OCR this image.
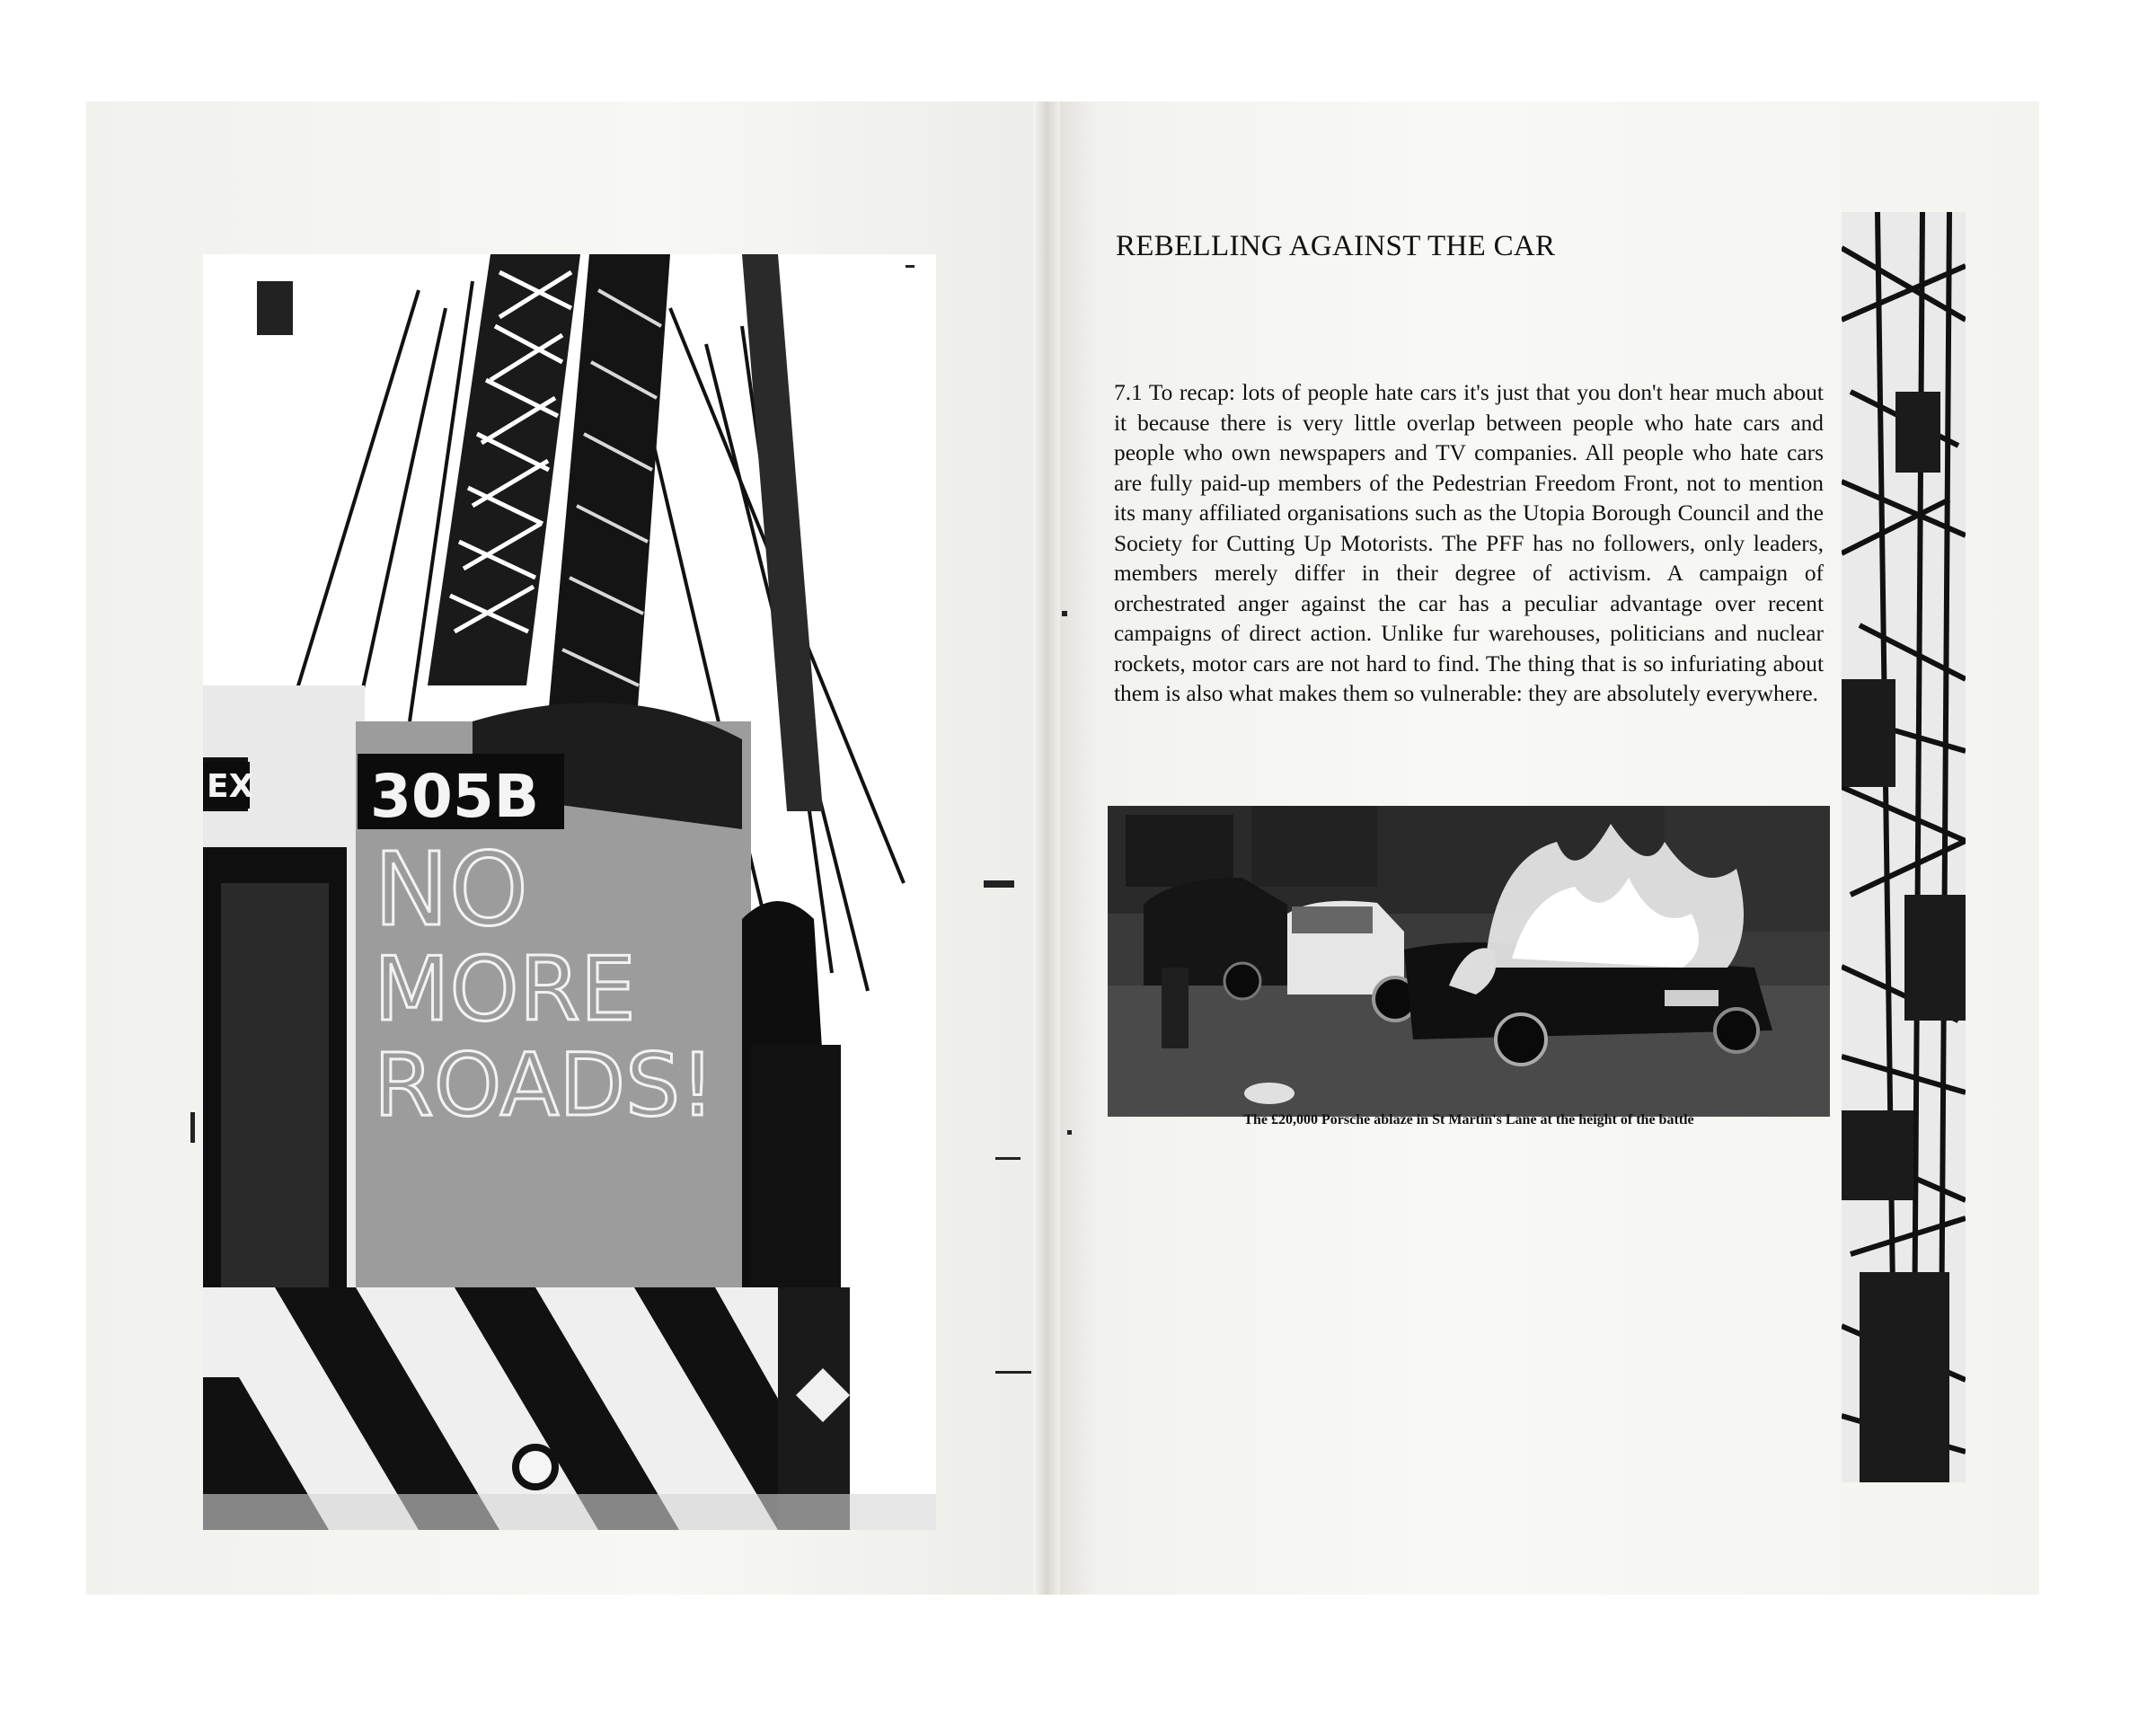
305B
EX
NO
MORE
ROADS!
REBELLING AGAINST THE CAR
7.1 To recap: lots of people hate cars it's just that you don't hear much about it because there is very little overlap between people who hate cars and people who own newspapers and TV companies. All people who hate cars are fully paid-up members of the Pedestrian Freedom Front, not to mention its many affiliated organisations such as the Utopia Borough Council and the Society for Cutting Up Motorists. The PFF has no followers, only leaders, members merely differ in their degree of activism. A campaign of orchestrated anger against the car has a peculiar advantage over recent campaigns of direct action. Unlike fur warehouses, politicians and nuclear rockets, motor cars are not hard to find. The thing that is so infuriating about them is also what makes them so vulnerable: they are absolutely everywhere.
The £20,000 Porsche ablaze in St Martin's Lane at the height of the battle
